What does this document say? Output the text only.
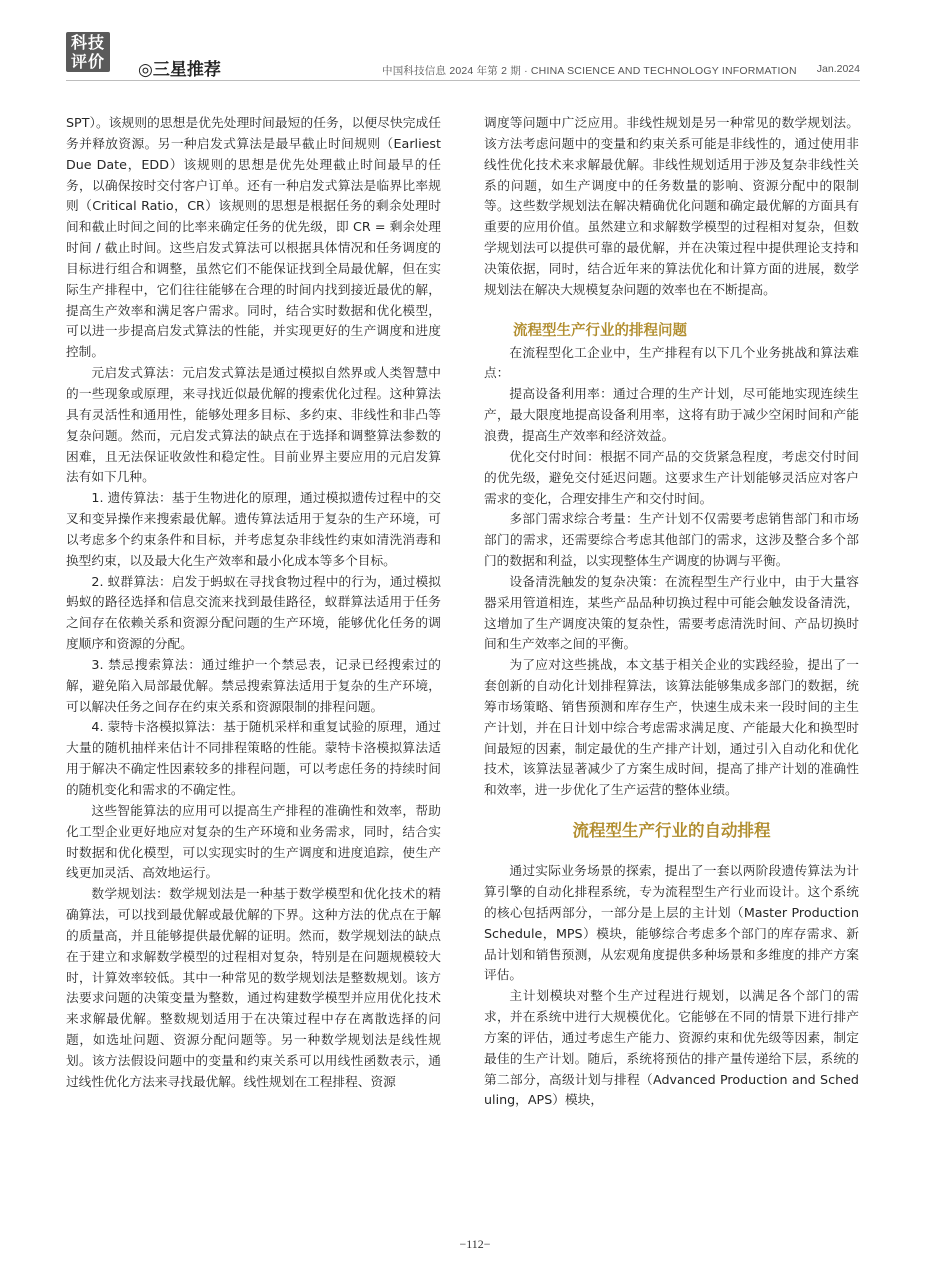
科技
评价 ◎三星推荐	中国科技信息 2024 年第 2 期 · CHINA SCIENCE AND TECHNOLOGY INFORMATION Jan.2024

SPT）。该规则的思想是优先处理时间最短的任务，以便尽快完成任务并释放资源。另一种启发式算法是最早截止时间规则（Earliest Due Date，EDD）该规则的思想是优先处理截止时间最早的任务，以确保按时交付客户订单。还有一种启发式算法是临界比率规则（Critical Ratio，CR）该规则的思想是根据任务的剩余处理时间和截止时间之间的比率来确定任务的优先级，即 CR = 剩余处理时间 / 截止时间。这些启发式算法可以根据具体情况和任务调度的目标进行组合和调整，虽然它们不能保证找到全局最优解，但在实际生产排程中，它们往往能够在合理的时间内找到接近最优的解，提高生产效率和满足客户需求。同时，结合实时数据和优化模型，可以进一步提高启发式算法的性能，并实现更好的生产调度和进度控制。

元启发式算法：元启发式算法是通过模拟自然界或人类智慧中的一些现象或原理，来寻找近似最优解的搜索优化过程。这种算法具有灵活性和通用性，能够处理多目标、多约束、非线性和非凸等复杂问题。然而，元启发式算法的缺点在于选择和调整算法参数的困难，且无法保证收敛性和稳定性。目前业界主要应用的元启发算法有如下几种。

1. 遗传算法：基于生物进化的原理，通过模拟遗传过程中的交叉和变异操作来搜索最优解。遗传算法适用于复杂的生产环境，可以考虑多个约束条件和目标，并考虑复杂非线性约束如清洗消毒和换型约束，以及最大化生产效率和最小化成本等多个目标。

2. 蚁群算法：启发于蚂蚁在寻找食物过程中的行为，通过模拟蚂蚁的路径选择和信息交流来找到最佳路径，蚁群算法适用于任务之间存在依赖关系和资源分配问题的生产环境，能够优化任务的调度顺序和资源的分配。

3. 禁忌搜索算法：通过维护一个禁忌表，记录已经搜索过的解，避免陷入局部最优解。禁忌搜索算法适用于复杂的生产环境，可以解决任务之间存在约束关系和资源限制的排程问题。

4. 蒙特卡洛模拟算法：基于随机采样和重复试验的原理，通过大量的随机抽样来估计不同排程策略的性能。蒙特卡洛模拟算法适用于解决不确定性因素较多的排程问题，可以考虑任务的持续时间的随机变化和需求的不确定性。

这些智能算法的应用可以提高生产排程的准确性和效率，帮助化工型企业更好地应对复杂的生产环境和业务需求，同时，结合实时数据和优化模型，可以实现实时的生产调度和进度追踪，使生产线更加灵活、高效地运行。

数学规划法：数学规划法是一种基于数学模型和优化技术的精确算法，可以找到最优解或最优解的下界。这种方法的优点在于解的质量高，并且能够提供最优解的证明。然而，数学规划法的缺点在于建立和求解数学模型的过程相对复杂，特别是在问题规模较大时，计算效率较低。其中一种常见的数学规划法是整数规划。该方法要求问题的决策变量为整数，通过构建数学模型并应用优化技术来求解最优解。整数规划适用于在决策过程中存在离散选择的问题，如选址问题、资源分配问题等。另一种数学规划法是线性规划。该方法假设问题中的变量和约束关系可以用线性函数表示，通过线性优化方法来寻找最优解。线性规划在工程排程、资源

调度等问题中广泛应用。非线性规划是另一种常见的数学规划法。该方法考虑问题中的变量和约束关系可能是非线性的，通过使用非线性优化技术来求解最优解。非线性规划适用于涉及复杂非线性关系的问题，如生产调度中的任务数量的影响、资源分配中的限制等。这些数学规划法在解决精确优化问题和确定最优解的方面具有重要的应用价值。虽然建立和求解数学模型的过程相对复杂，但数学规划法可以提供可靠的最优解，并在决策过程中提供理论支持和决策依据，同时，结合近年来的算法优化和计算方面的进展，数学规划法在解决大规模复杂问题的效率也在不断提高。

流程型生产行业的排程问题

在流程型化工企业中，生产排程有以下几个业务挑战和算法难点：

提高设备利用率：通过合理的生产计划，尽可能地实现连续生产，最大限度地提高设备利用率，这将有助于减少空闲时间和产能浪费，提高生产效率和经济效益。

优化交付时间：根据不同产品的交货紧急程度，考虑交付时间的优先级，避免交付延迟问题。这要求生产计划能够灵活应对客户需求的变化，合理安排生产和交付时间。

多部门需求综合考量：生产计划不仅需要考虑销售部门和市场部门的需求，还需要综合考虑其他部门的需求，这涉及整合多个部门的数据和利益，以实现整体生产调度的协调与平衡。

设备清洗触发的复杂决策：在流程型生产行业中，由于大量容器采用管道相连，某些产品品种切换过程中可能会触发设备清洗，这增加了生产调度决策的复杂性，需要考虑清洗时间、产品切换时间和生产效率之间的平衡。

为了应对这些挑战，本文基于相关企业的实践经验，提出了一套创新的自动化计划排程算法，该算法能够集成多部门的数据，统筹市场策略、销售预测和库存生产，快速生成未来一段时间的主生产计划，并在日计划中综合考虑需求满足度、产能最大化和换型时间最短的因素，制定最优的生产排产计划，通过引入自动化和优化技术，该算法显著减少了方案生成时间，提高了排产计划的准确性和效率，进一步优化了生产运营的整体业绩。

流程型生产行业的自动排程

通过实际业务场景的探索，提出了一套以两阶段遗传算法为计算引擎的自动化排程系统，专为流程型生产行业而设计。这个系统的核心包括两部分，一部分是上层的主计划（Master Production Schedule，MPS）模块，能够综合考虑多个部门的库存需求、新品计划和销售预测，从宏观角度提供多种场景和多维度的排产方案评估。

主计划模块对整个生产过程进行规划，以满足各个部门的需求，并在系统中进行大规模优化。它能够在不同的情景下进行排产方案的评估，通过考虑生产能力、资源约束和优先级等因素，制定最佳的生产计划。随后，系统将预估的排产量传递给下层，系统的第二部分，高级计划与排程（Advanced Production and Scheduling，APS）模块，

−112−
